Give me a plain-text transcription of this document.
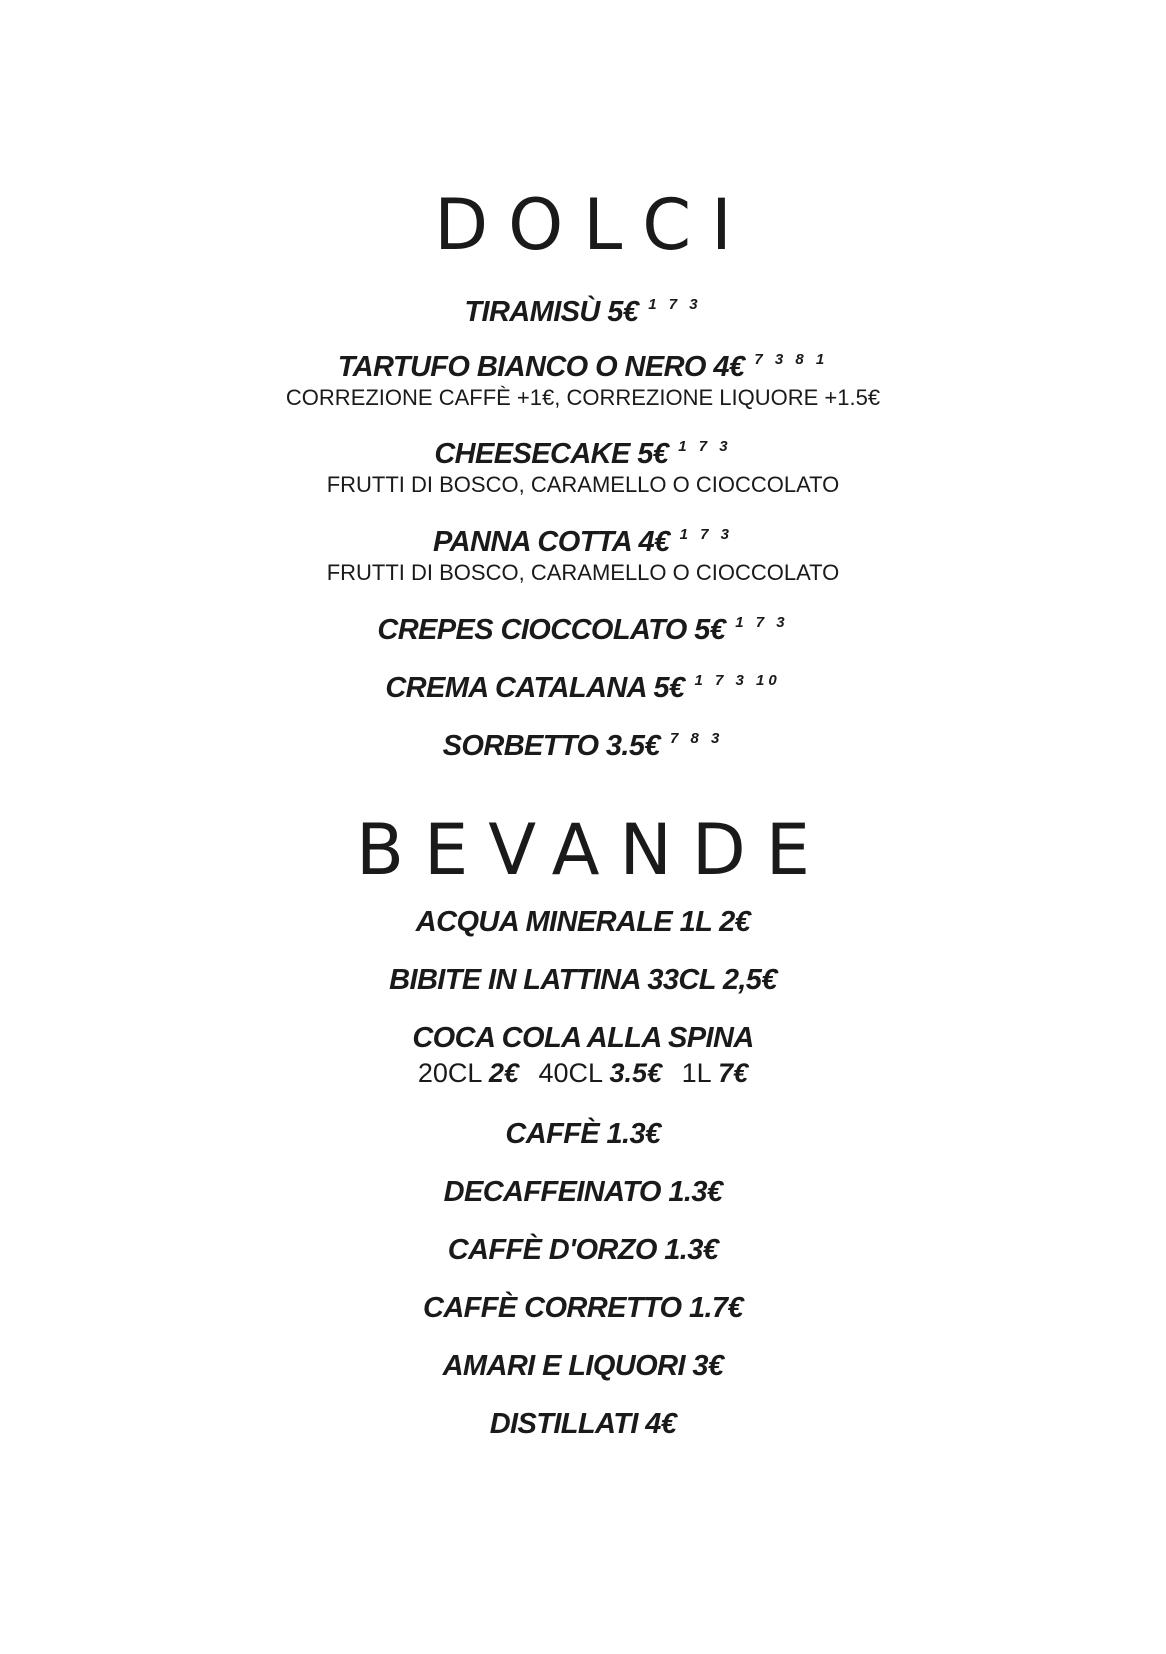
DOLCI
TIRAMISÙ 5€ $^{1 7 3}$
TARTUFO BIANCO O NERO 4€ $^{7 3 8 1}$
CORREZIONE CAFFÈ +1€, CORREZIONE LIQUORE +1.5€
CHEESECAKE 5€ $^{1 7 3}$
FRUTTI DI BOSCO, CARAMELLO O CIOCCOLATO
PANNA COTTA 4€ $^{1 7 3}$
FRUTTI DI BOSCO, CARAMELLO O CIOCCOLATO
CREPES CIOCCOLATO 5€ $^{1 7 3}$
CREMA CATALANA 5€ $^{1 7 3 10}$
SORBETTO 3.5€ $^{7 8 3}$
BEVANDE
ACQUA MINERALE 1L 2€
BIBITE IN LATTINA 33CL 2,5€
COCA COLA ALLA SPINA
20CL 2€ 40CL 3.5€ 1L 7€
CAFFÈ 1.3€
DECAFFEINATO 1.3€
CAFFÈ D'ORZO 1.3€
CAFFÈ CORRETTO 1.7€
AMARI E LIQUORI 3€
DISTILLATI 4€
